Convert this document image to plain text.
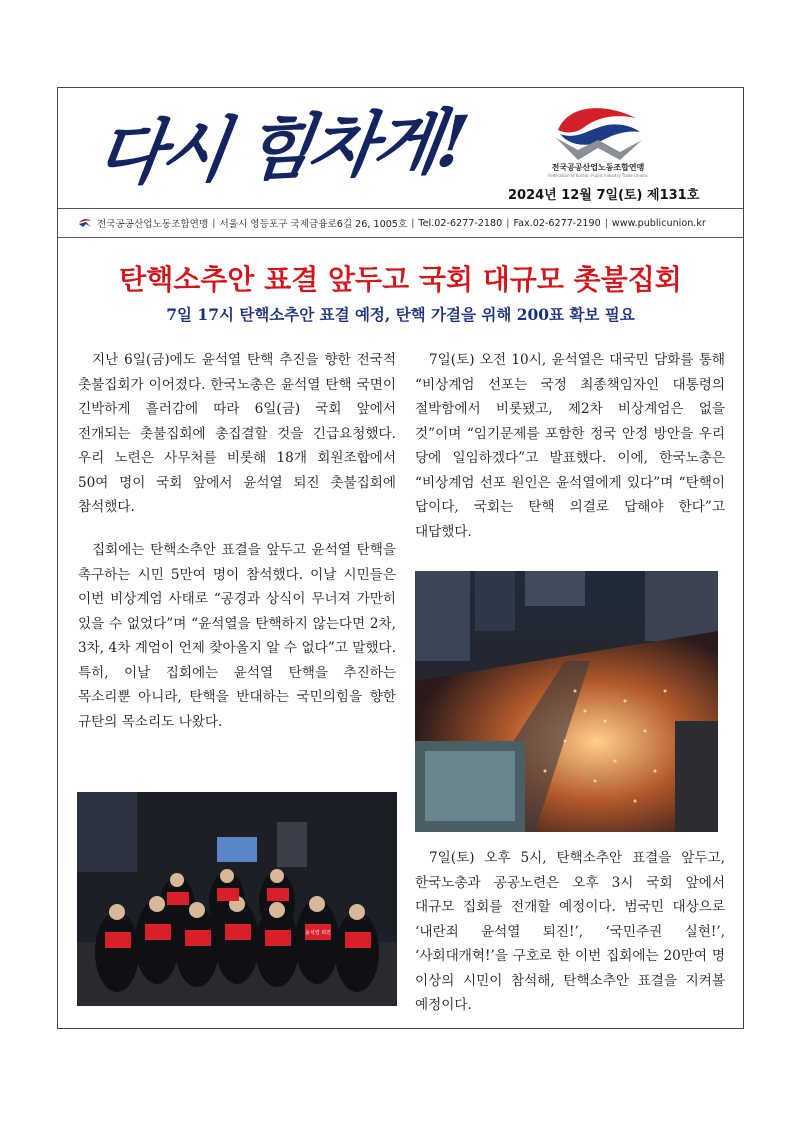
다시 힘차게!	전국공공산업노동조합연맹
Federation of Korean Public Industry Trade Unions
2024년 12월 7일(토) 제131호
전국공공산업노동조합연맹 | 서울시 영등포구 국제금융로6길 26, 1005호 | Tel.02-6277-2180 | Fax.02-6277-2190 | www.publicunion.kr
탄핵소추안 표결 앞두고 국회 대규모 촛불집회
7일 17시 탄핵소추안 표결 예정, 탄핵 가결을 위해 200표 확보 필요

지난 6일(금)에도 윤석열 탄핵 추진을 향한 전국적 촛불집회가 이어졌다. 한국노총은 윤석열 탄핵 국면이 긴박하게 흘러감에 따라 6일(금) 국회 앞에서 전개되는 촛불집회에 총집결할 것을 긴급요청했다. 우리 노련은 사무처를 비롯해 18개 회원조합에서 50여 명이 국회 앞에서 윤석열 퇴진 촛불집회에 참석했다.

집회에는 탄핵소추안 표결을 앞두고 윤석열 탄핵을 촉구하는 시민 5만여 명이 참석했다. 이날 시민들은 이번 비상계엄 사태로 “공경과 상식이 무너져 가만히 있을 수 없었다”며 “윤석열을 탄핵하지 않는다면 2차, 3차, 4차 계엄이 언제 찾아올지 알 수 없다”고 말했다. 특히, 이날 집회에는 윤석열 탄핵을 추진하는 목소리뿐 아니라, 탄핵을 반대하는 국민의힘을 향한 규탄의 목소리도 나왔다.

7일(토) 오전 10시, 윤석열은 대국민 담화를 통해 “비상계엄 선포는 국정 최종책임자인 대통령의 절박함에서 비롯됐고, 제2차 비상계엄은 없을 것”이며 “임기문제를 포함한 정국 안정 방안을 우리 당에 일임하겠다”고 발표했다. 이에, 한국노총은 “비상계엄 선포 원인은 윤석열에게 있다”며 “탄핵이 답이다, 국회는 탄핵 의결로 답해야 한다”고 대답했다.

7일(토) 오후 5시, 탄핵소추안 표결을 앞두고, 한국노총과 공공노련은 오후 3시 국회 앞에서 대규모 집회를 전개할 예정이다. 범국민 대상으로 ‘내란죄 윤석열 퇴진!’, ‘국민주권 실현!’, ‘사회대개혁!’을 구호로 한 이번 집회에는 20만여 명 이상의 시민이 참석해, 탄핵소추안 표결을 지켜볼 예정이다.

윤석열 퇴진
